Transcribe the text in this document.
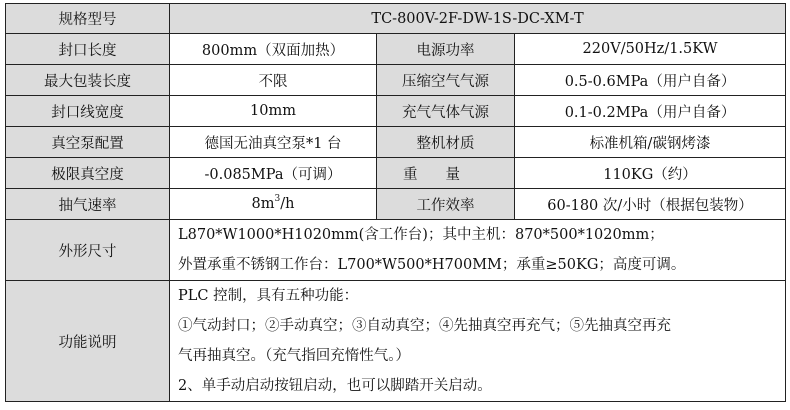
规格型号	TC-800V-2F-DW-1S-DC-XM-T		
封口长度	800mm（双面加热）	电源功率	220V/50Hz/1.5KW
最大包装长度	不限	压缩空气气源	0.5-0.6MPa（用户自备）
封口线宽度	10mm	充气气体气源	0.1-0.2MPa（用户自备）
真空泵配置	德国无油真空泵*1 台	整机材质	标准机箱/碳钢烤漆
极限真空度	-0.085MPa（可调）	重量	110KG（约）
抽气速率	$8m^3/h$	工作效率	60-180 次/小时（根据包装物）
外形尺寸	L870*W1000*H1020mm(含工作台)；其中主机：870*500*1020mm；
外置承重不锈钢工作台：L700*W500*H700MM；承重≥50KG；高度可调。		

功能说明	PLC 控制，具有五种功能：
①气动封口；②手动真空；③自动真空；④先抽真空再充气；⑤先抽真空再充
气再抽真空。（充气指回充惰性气。）
2、单手动启动按钮启动，也可以脚踏开关启动。		
